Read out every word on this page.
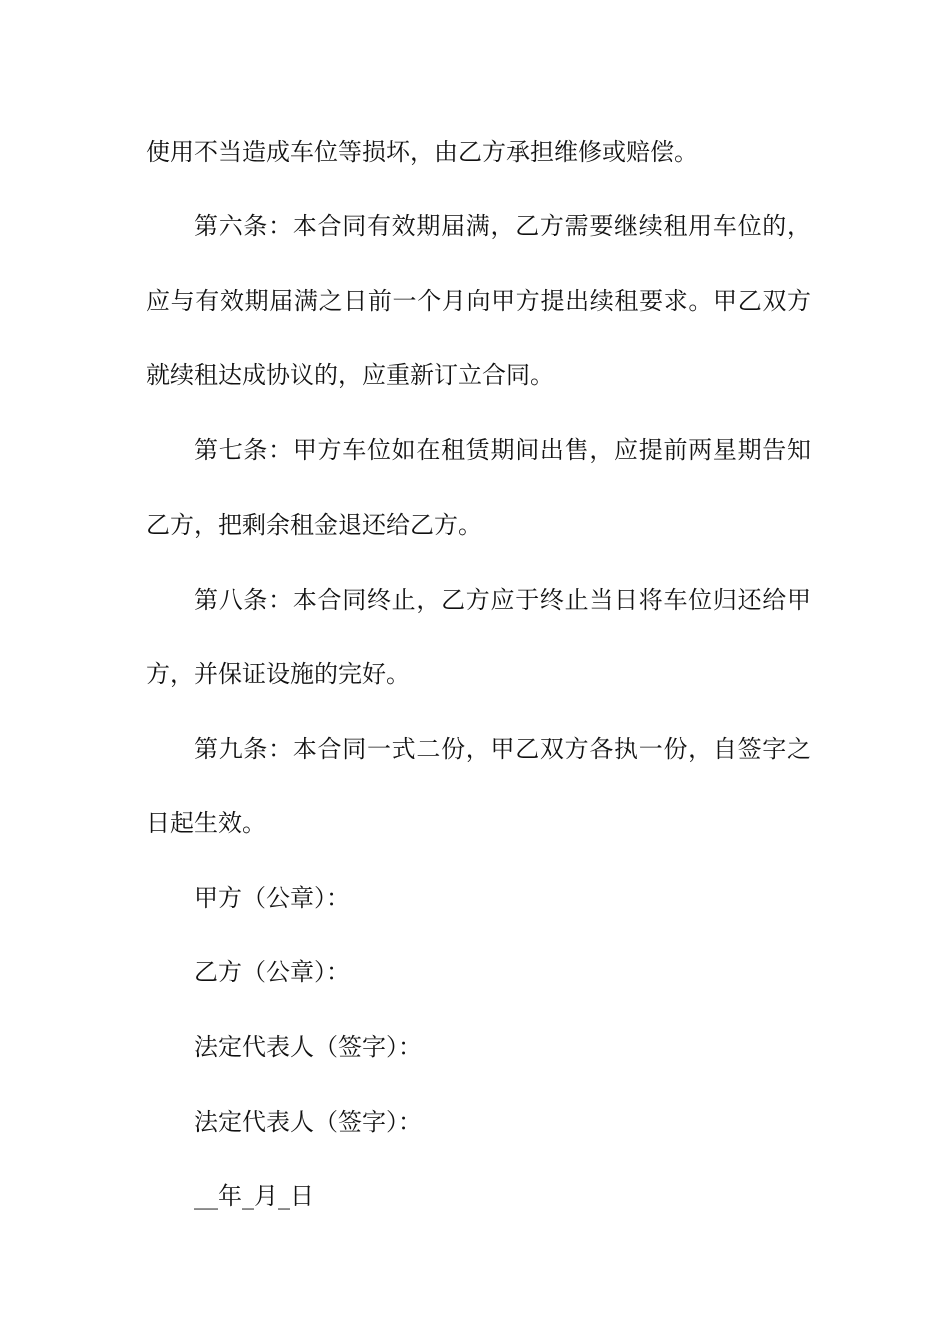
使用不当造成车位等损坏，由乙方承担维修或赔偿。
第六条：本合同有效期届满，乙方需要继续租用车位的，
应与有效期届满之日前一个月向甲方提出续租要求。甲乙双方
就续租达成协议的，应重新订立合同。
第七条：甲方车位如在租赁期间出售，应提前两星期告知
乙方，把剩余租金退还给乙方。
第八条：本合同终止，乙方应于终止当日将车位归还给甲
方，并保证设施的完好。
第九条：本合同一式二份，甲乙双方各执一份，自签字之
日起生效。
甲方（公章）：
乙方（公章）：
法定代表人（签字）：
法定代表人（签字）：
__年_月_日
